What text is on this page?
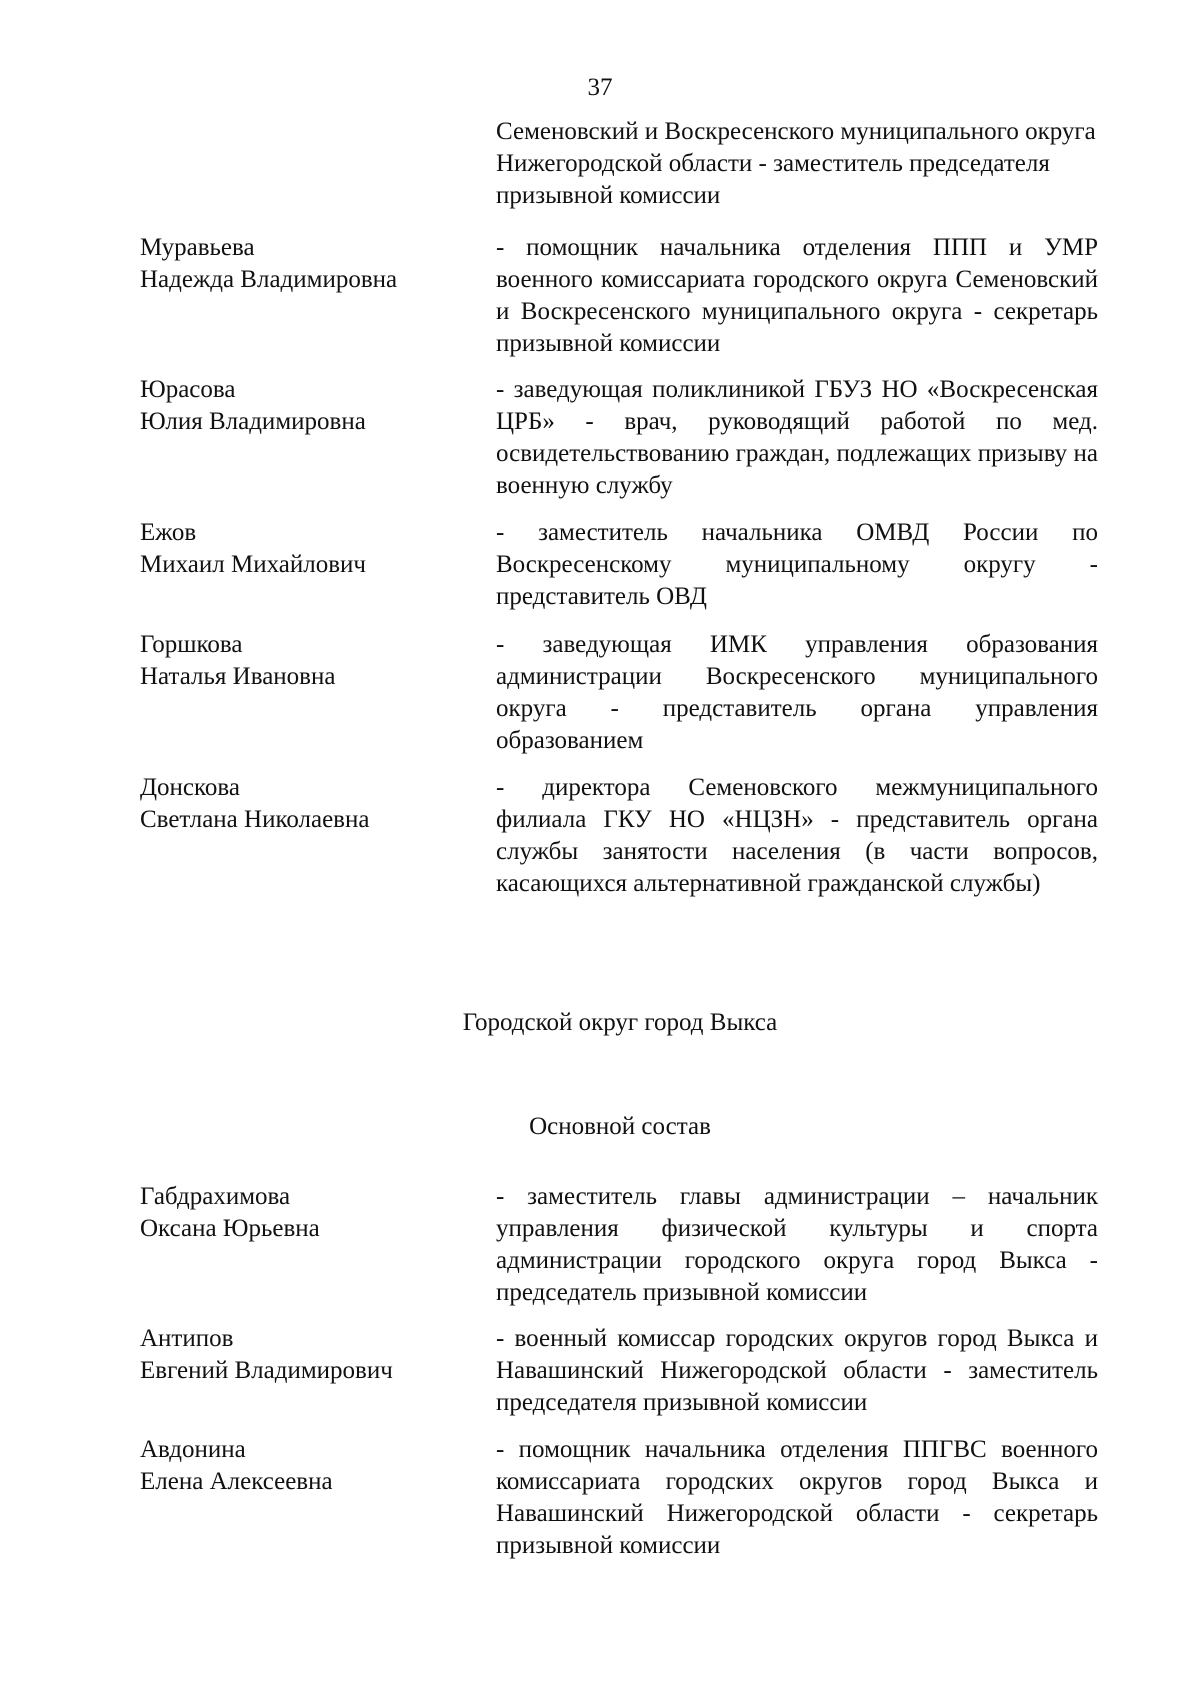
37
Семеновский и Воскресенского муниципального округа Нижегородской области - заместитель председателя призывной комиссии
Муравьева
Надежда Владимировна
- помощник начальника отделения ППП и УМР военного комиссариата городского округа Семеновский и Воскресенского муниципального округа - секретарь призывной комиссии
Юрасова
Юлия Владимировна
- заведующая поликлиникой ГБУЗ НО «Воскресенская ЦРБ» - врач, руководящий работой по мед. освидетельствованию граждан, подлежащих призыву на военную службу
Ежов
Михаил Михайлович
- заместитель начальника ОМВД России по Воскресенскому муниципальному округу - представитель ОВД
Горшкова
Наталья Ивановна
- заведующая ИМК управления образования администрации Воскресенского муниципального округа - представитель органа управления образованием
Донскова
Светлана Николаевна
- директора Семеновского межмуниципального филиала ГКУ НО «НЦЗН» - представитель органа службы занятости населения (в части вопросов, касающихся альтернативной гражданской службы)
Городской округ город Выкса
Основной состав
Габдрахимова
Оксана Юрьевна
- заместитель главы администрации – начальник управления физической культуры и спорта администрации городского округа город Выкса - председатель призывной комиссии
Антипов
Евгений Владимирович
- военный комиссар городских округов город Выкса и Навашинский Нижегородской области - заместитель председателя призывной комиссии
Авдонина
Елена Алексеевна
- помощник начальника отделения ППГВС военного комиссариата городских округов город Выкса и Навашинский Нижегородской области - секретарь призывной комиссии
